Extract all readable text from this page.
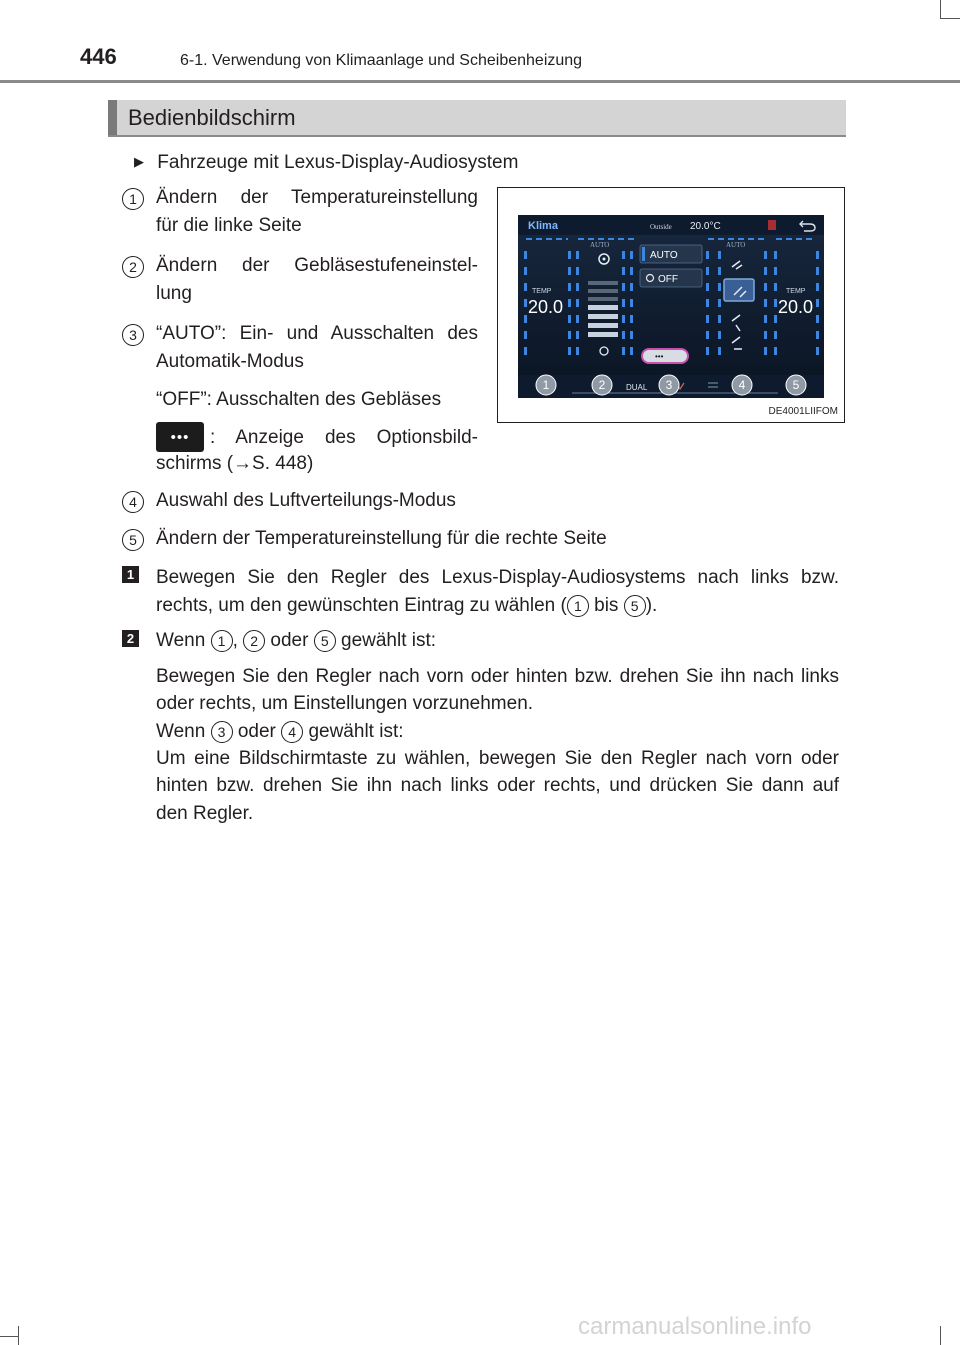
446	6-1. Verwendung von Klimaanlage und Scheibenheizung
Bedienbildschirm
▶ Fahrzeuge mit Lexus-Display-Audiosystem
1	Ändern der Temperatureinstellung
für die linke Seite
2	Ändern der Gebläsestufeneinstel-
lung
3	“AUTO”: Ein- und Ausschalten des
Automatik-Modus
“OFF”: Ausschalten des Gebläses
•••	: Anzeige des Optionsbild-
schirms (→S. 448)
4	Auswahl des Luftverteilungs-Modus
5	Ändern der Temperatureinstellung für die rechte Seite
Klima	Outside 20.0°C
TEMP
20.0
AUTO
AUTO
OFF
•••
AUTO
TEMP
20.0
DUAL
1	2	3	4	5
DE4001LIIFOM
1 Bewegen Sie den Regler des Lexus-Display-Audiosystems nach links bzw.
rechts, um den gewünschten Eintrag zu wählen ( 1 bis 5 ).
2 Wenn 1 , 2 oder 5 gewählt ist:
Bewegen Sie den Regler nach vorn oder hinten bzw. drehen Sie ihn nach links
oder rechts, um Einstellungen vorzunehmen.
Wenn 3 oder 4 gewählt ist:
Um eine Bildschirmtaste zu wählen, bewegen Sie den Regler nach vorn oder
hinten bzw. drehen Sie ihn nach links oder rechts, und drücken Sie dann auf
den Regler.
carmanualsonline.info
